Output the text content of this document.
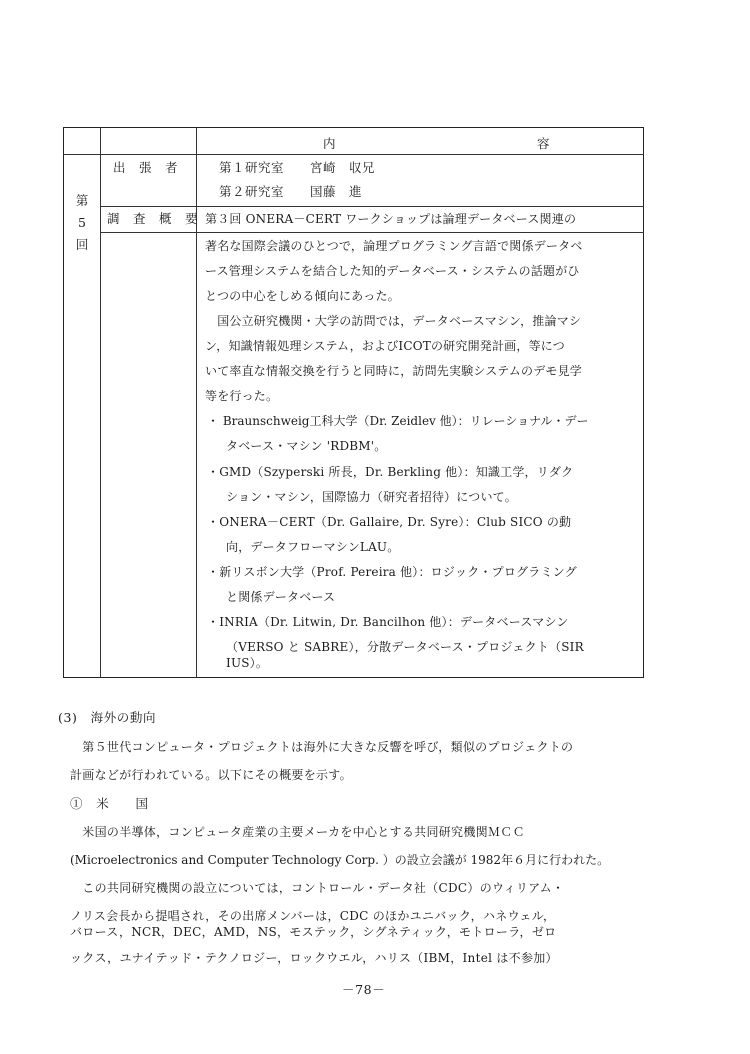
内	容
第
5
回
出　張　者
調　査　概　要
第１研究室　　宮崎　収兄
第２研究室　　国藤　進
第３回 ONERA－CERT ワークショップは論理データベース関連の
著名な国際会議のひとつで，論理プログラミング言語で関係データベ
ース管理システムを結合した知的データベース・システムの話題がひ
とつの中心をしめる傾向にあった。
　国公立研究機関・大学の訪問では，データベースマシン，推論マシ
ン，知識情報処理システム，およびICOTの研究開発計画，等につ
いて率直な情報交換を行うと同時に，訪問先実験システムのデモ見学
等を行った。
・ Braunschweig工科大学（Dr. Zeidlev 他）：リレーショナル・デー
タベース・マシン 'RDBM'。
・GMD（Szyperski 所長，Dr. Berkling 他）：知識工学，リダク
ション・マシン，国際協力（研究者招待）について。
・ONERA－CERT（Dr. Gallaire, Dr. Syre）：Club SICO の動
向，データフローマシンLAU。
・新リスボン大学（Prof. Pereira 他）：ロジック・プログラミング
と関係データベース
・INRIA（Dr. Litwin, Dr. Bancilhon 他）：データベースマシン
（VERSO と SABRE），分散データベース・プロジェクト（SIR
IUS）。
(3)　海外の動向
　第５世代コンピュータ・プロジェクトは海外に大きな反響を呼び，類似のプロジェクトの
計画などが行われている。以下にその概要を示す。
①　米　　国
　米国の半導体，コンピュータ産業の主要メーカを中心とする共同研究機関ＭＣＣ
(Microelectronics and Computer Technology Corp. ）の設立会議が 1982年６月に行われた。
　この共同研究機関の設立については，コントロール・データ社（CDC）のウィリアム・
ノリス会長から提唱され，その出席メンバーは，CDC のほかユニバック，ハネウェル，
バロース，NCR，DEC，AMD，NS，モステック，シグネティック，モトローラ，ゼロ
ックス，ユナイテッド・テクノロジー，ロックウエル，ハリス（IBM，Intel は不参加）
－78－
